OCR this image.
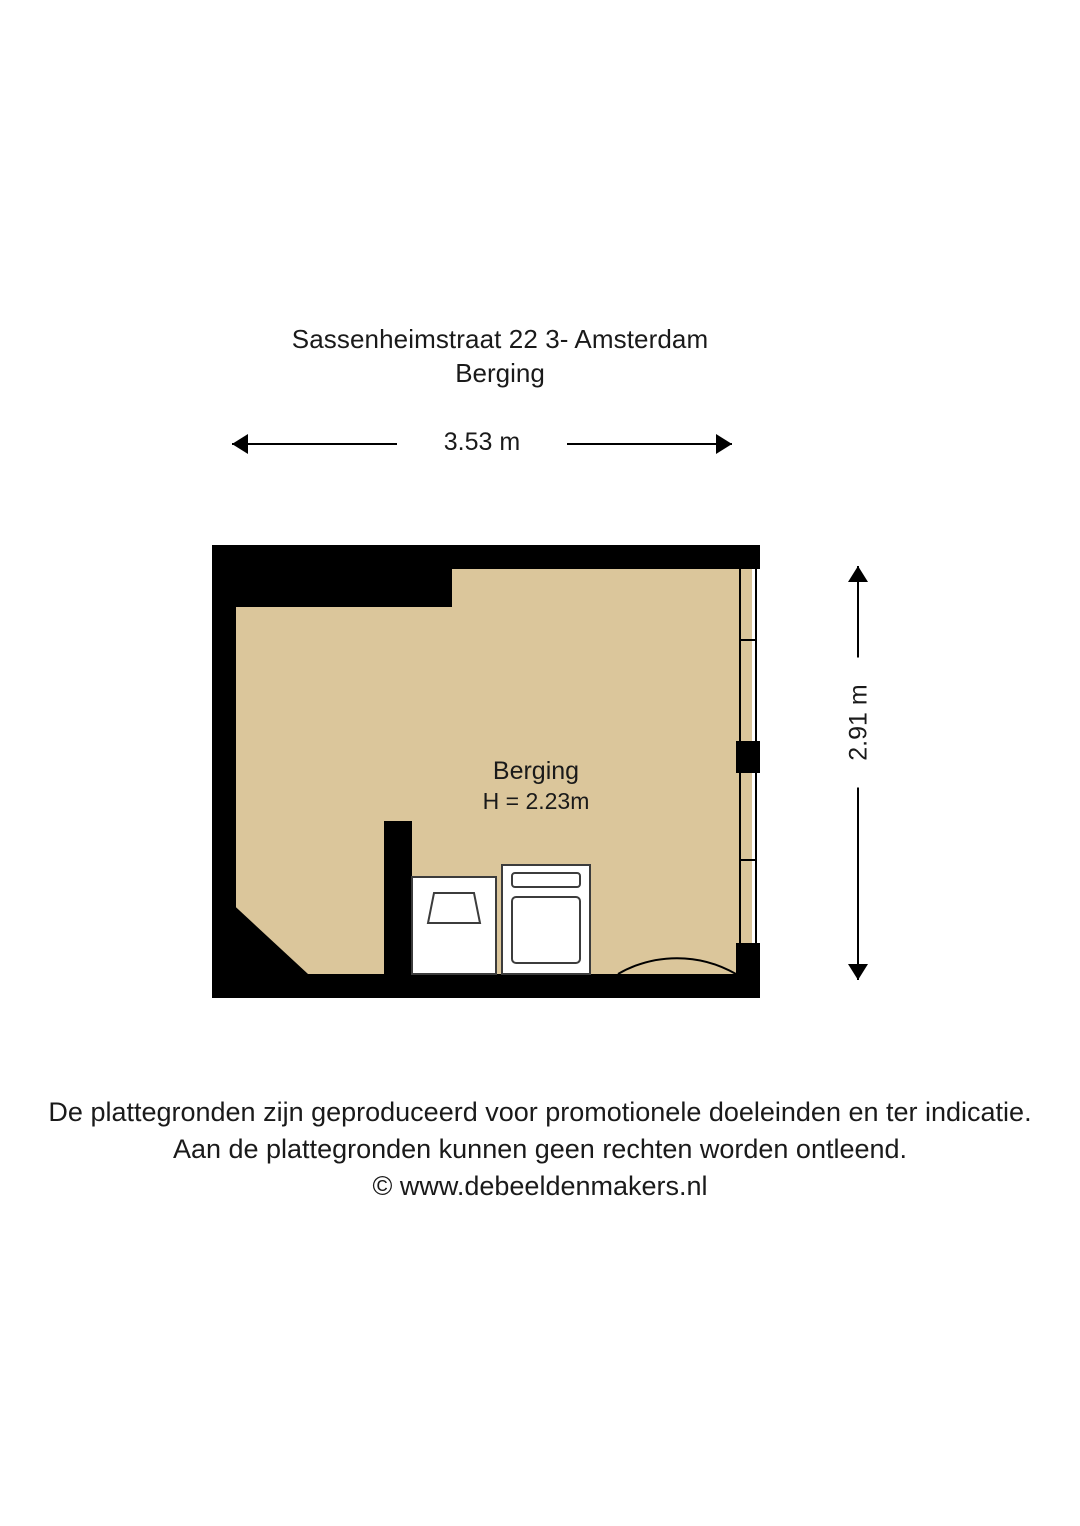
Sassenheimstraat 22 3- Amsterdam
Berging
3.53 m
2.91 m
Berging
H = 2.23m
De plattegronden zijn geproduceerd voor promotionele doeleinden en ter indicatie.
Aan de plattegronden kunnen geen rechten worden ontleend.
© www.debeeldenmakers.nl
